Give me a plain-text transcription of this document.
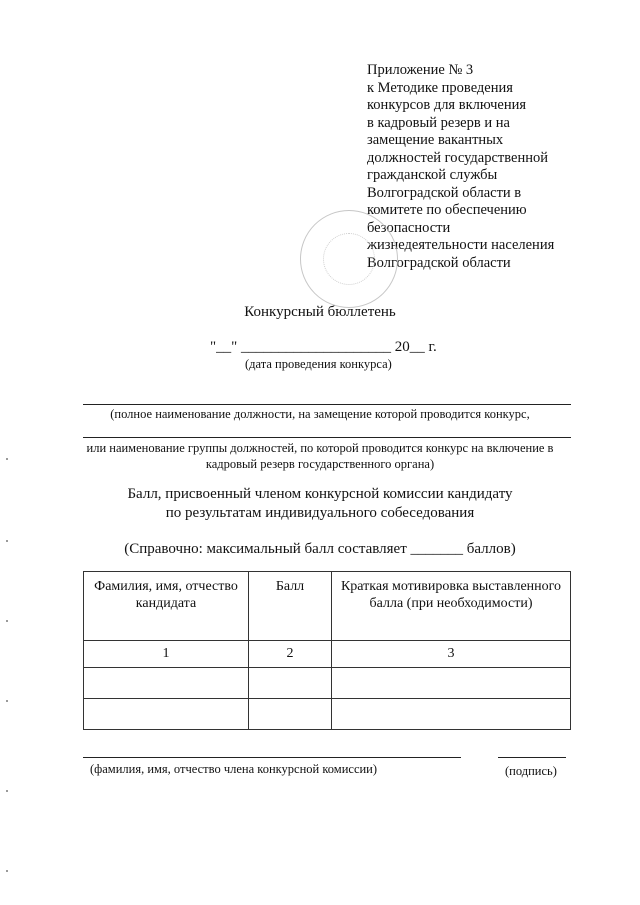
Приложение № 3
к Методике проведения
конкурсов для включения
в кадровый резерв и на
замещение вакантных
должностей государственной
гражданской службы
Волгоградской области в
комитете по обеспечению
безопасности
жизнедеятельности населения
Волгоградской области
Конкурсный бюллетень
"__" ____________________ 20__ г.
(дата проведения конкурса)
(полное наименование должности, на замещение которой проводится конкурс,
или наименование группы должностей, по которой проводится конкурс на включение в
кадровый резерв государственного органа)
Балл, присвоенный членом конкурсной комиссии кандидату
по результатам индивидуального собеседования
(Справочно: максимальный балл составляет _______ баллов)
Фамилия, имя, отчество кандидата	Балл	Краткая мотивировка выставленного балла (при необходимости)
1	2	3

(фамилия, имя, отчество члена конкурсной комиссии)	(подпись)
